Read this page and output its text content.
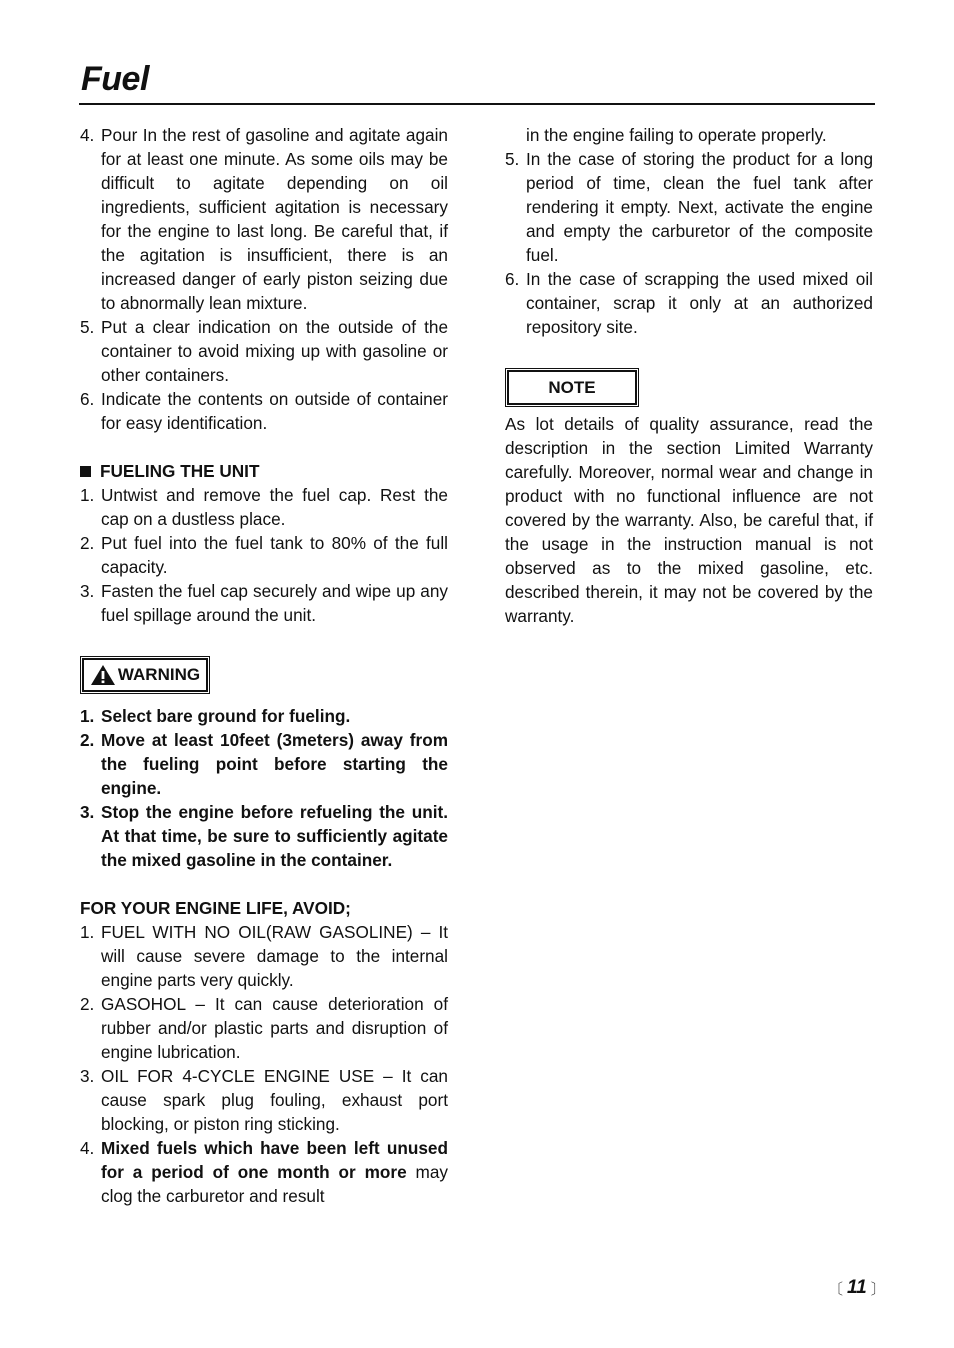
Fuel
4. Pour In the rest of gasoline and agitate again for at least one minute. As some oils may be difficult to agitate depending on oil ingredients, sufficient agitation is necessary for the engine to last long. Be careful that, if the agitation is insufficient, there is an increased danger of early piston seizing due to abnormally lean mixture.
5. Put a clear indication on the outside of the container to avoid mixing up with gasoline or other containers.
6. Indicate the contents on outside of container for easy identification.
FUELING THE UNIT
1. Untwist and remove the fuel cap. Rest the cap on a dustless place.
2. Put fuel into the fuel tank to 80% of the full capacity.
3. Fasten the fuel cap securely and wipe up any fuel spillage around the unit.
WARNING
1. Select bare ground for fueling.
2. Move at least 10feet (3meters) away from the fueling point before starting the engine.
3. Stop the engine before refueling the unit. At that time, be sure to sufficiently agitate the mixed gasoline in the container.
FOR YOUR ENGINE LIFE, AVOID;
1. FUEL WITH NO OIL(RAW GASOLINE) – It will cause severe damage to the internal engine parts very quickly.
2. GASOHOL – It can cause deterioration of rubber and/or plastic parts and disruption of engine lubrication.
3. OIL FOR 4-CYCLE ENGINE USE – It can cause spark plug fouling, exhaust port blocking, or piston ring sticking.
4. Mixed fuels which have been left unused for a period of one month or more may clog the carburetor and result
in the engine failing to operate properly.
5. In the case of storing the product for a long period of time, clean the fuel tank after rendering it empty. Next, activate the engine and empty the carburetor of the composite fuel.
6. In the case of scrapping the used mixed oil container, scrap it only at an authorized repository site.
NOTE
As lot details of quality assurance, read the description in the section Limited Warranty carefully. Moreover, normal wear and change in product with no functional influence are not covered by the warranty. Also, be careful that, if the usage in the instruction manual is not observed as to the mixed gasoline, etc. described therein, it may not be covered by the warranty.
〔 11 〕
